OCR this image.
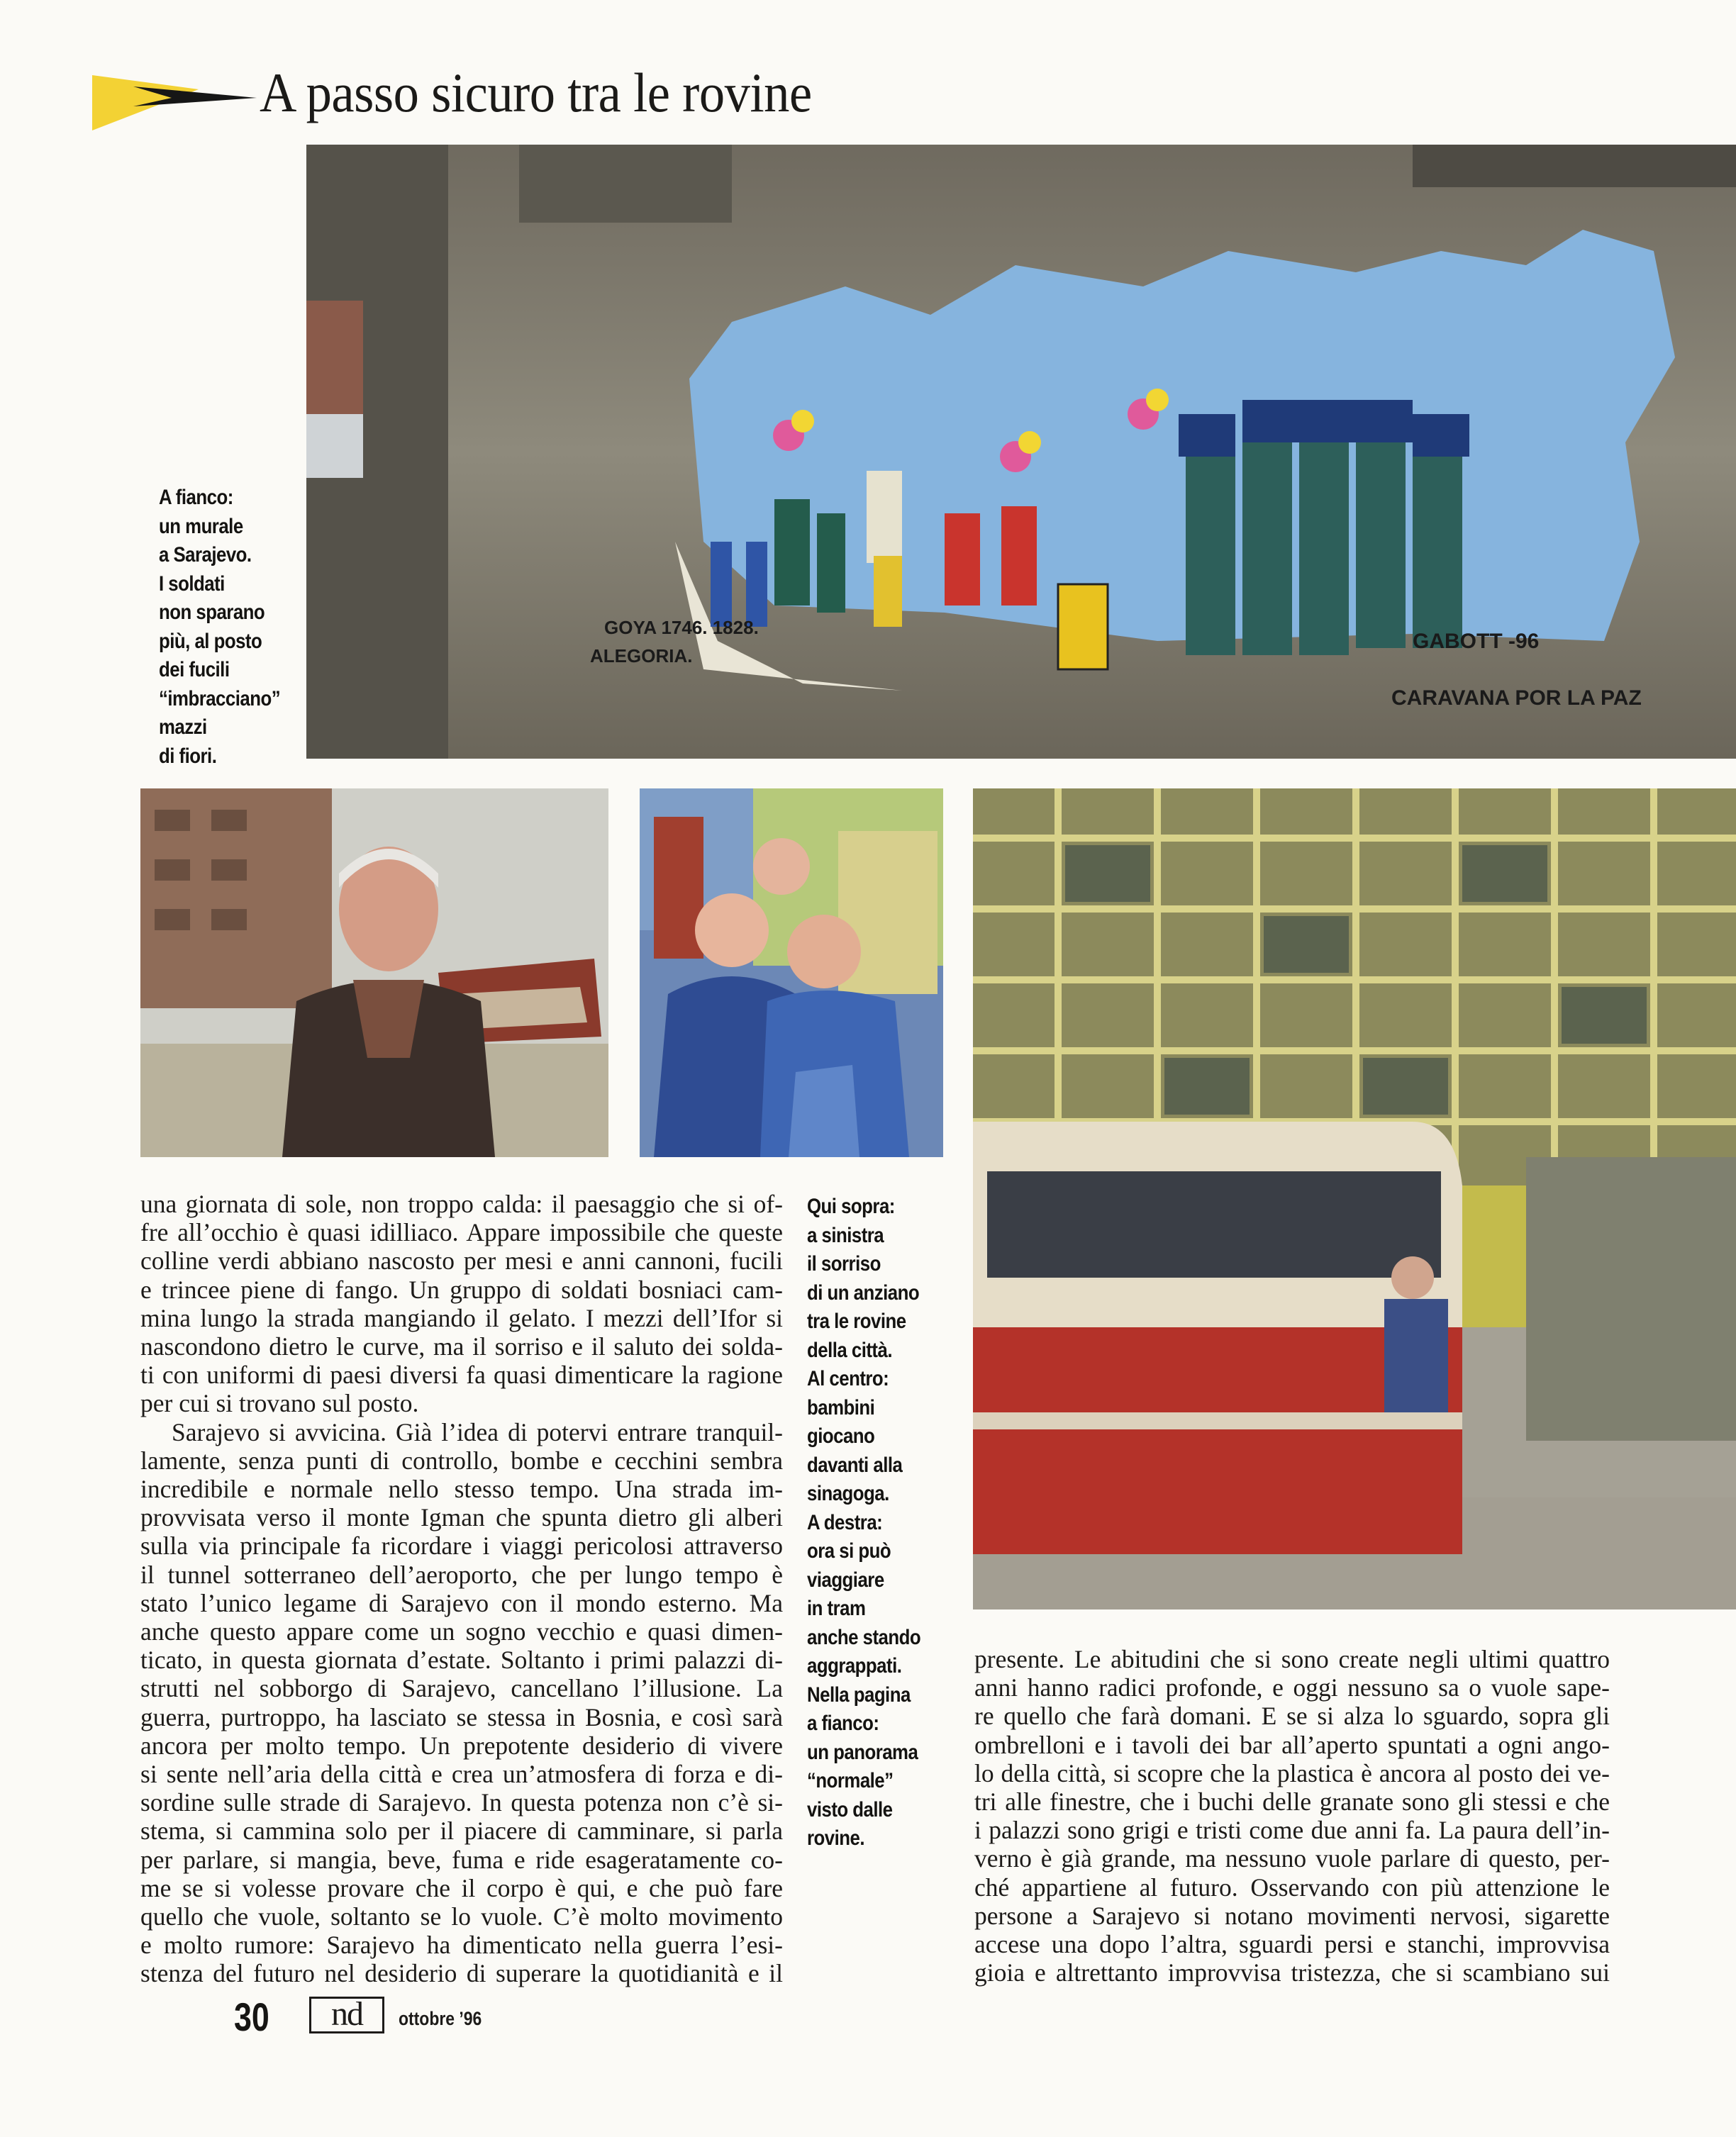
A passo sicuro tra le rovine
GOYA 1746. 1828.
ALEGORIA.
GABOTT -96
CARAVANA POR LA PAZ
A fianco:
un murale
a Sarajevo.
I soldati
non sparano
più, al posto
dei fucili
“imbracciano”
mazzi
di fiori.
Qui sopra:
a sinistra
il sorriso
di un anziano
tra le rovine
della città.
Al centro:
bambini
giocano
davanti alla
sinagoga.
A destra:
ora si può
viaggiare
in tram
anche stando
aggrappati.
Nella pagina
a fianco:
un panorama
“normale”
visto dalle
rovine.
una giornata di sole, non troppo calda: il paesaggio che si of-
fre all’occhio è quasi idilliaco. Appare impossibile che queste
colline verdi abbiano nascosto per mesi e anni cannoni, fucili
e trincee piene di fango. Un gruppo di soldati bosniaci cam-
mina lungo la strada mangiando il gelato. I mezzi dell’Ifor si
nascondono dietro le curve, ma il sorriso e il saluto dei solda-
ti con uniformi di paesi diversi fa quasi dimenticare la ragione
per cui si trovano sul posto.
Sarajevo si avvicina. Già l’idea di potervi entrare tranquil-
lamente, senza punti di controllo, bombe e cecchini sembra
incredibile e normale nello stesso tempo. Una strada im-
provvisata verso il monte Igman che spunta dietro gli alberi
sulla via principale fa ricordare i viaggi pericolosi attraverso
il tunnel sotterraneo dell’aeroporto, che per lungo tempo è
stato l’unico legame di Sarajevo con il mondo esterno. Ma
anche questo appare come un sogno vecchio e quasi dimen-
ticato, in questa giornata d’estate. Soltanto i primi palazzi di-
strutti nel sobborgo di Sarajevo, cancellano l’illusione. La
guerra, purtroppo, ha lasciato se stessa in Bosnia, e così sarà
ancora per molto tempo. Un prepotente desiderio di vivere
si sente nell’aria della città e crea un’atmosfera di forza e di-
sordine sulle strade di Sarajevo. In questa potenza non c’è si-
stema, si cammina solo per il piacere di camminare, si parla
per parlare, si mangia, beve, fuma e ride esageratamente co-
me se si volesse provare che il corpo è qui, e che può fare
quello che vuole, soltanto se lo vuole. C’è molto movimento
e molto rumore: Sarajevo ha dimenticato nella guerra l’esi-
stenza del futuro nel desiderio di superare la quotidianità e il
presente. Le abitudini che si sono create negli ultimi quattro
anni hanno radici profonde, e oggi nessuno sa o vuole sape-
re quello che farà domani. E se si alza lo sguardo, sopra gli
ombrelloni e i tavoli dei bar all’aperto spuntati a ogni ango-
lo della città, si scopre che la plastica è ancora al posto dei ve-
tri alle finestre, che i buchi delle granate sono gli stessi e che
i palazzi sono grigi e tristi come due anni fa. La paura dell’in-
verno è già grande, ma nessuno vuole parlare di questo, per-
ché appartiene al futuro. Osservando con più attenzione le
persone a Sarajevo si notano movimenti nervosi, sigarette
accese una dopo l’altra, sguardi persi e stanchi, improvvisa
gioia e altrettanto improvvisa tristezza, che si scambiano sui
30	nd	ottobre ’96
